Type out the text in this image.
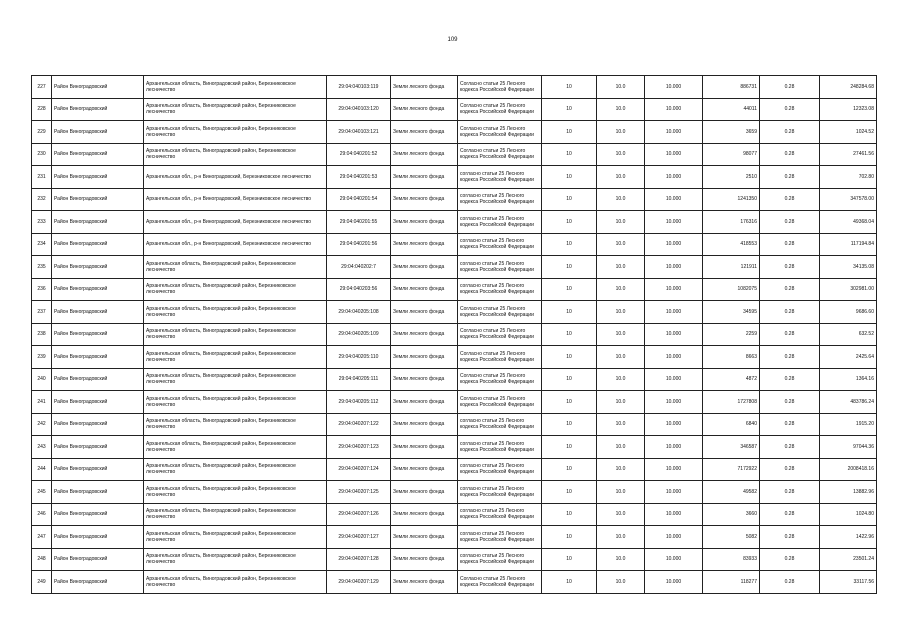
109
227	Район Виноградовский	Архангельская область, Виноградовский район, Березниковское лесничество	29:04:040103:119	Земли лесного фонда	Согласно статьи 25 Лесного кодекса Российской Федерации	10	10.0	10.000	886731	0.28	248284.68
228	Район Виноградовский	Архангельская область, Виноградовский район, Березниковское лесничество	29:04:040103:120	Земли лесного фонда	Согласно статьи 25 Лесного кодекса Российской Федерации	10	10.0	10.000	44011	0.28	12323.08
229	Район Виноградовский	Архангельская область, Виноградовский район, Березниковское лесничество	29:04:040103:121	Земли лесного фонда	Согласно статьи 25 Лесного кодекса Российской Федерации	10	10.0	10.000	3659	0.28	1024.52
230	Район Виноградовский	Архангельская область, Виноградовский район, Березниковское лесничество	29:04:040201:52	Земли лесного фонда	Согласно статьи 25 Лесного кодекса Российской Федерации	10	10.0	10.000	98077	0.28	27461.56
231	Район Виноградовский	Архангельская обл., р-н Виноградовский, Березниковское лесничество	29:04:040201:53	Земли лесного фонда	согласно статьи 25 Лесного кодекса Российской Федерации	10	10.0	10.000	2510	0.28	702.80
232	Район Виноградовский	Архангельская обл., р-н Виноградовский, Березниковское лесничество	29:04:040201:54	Земли лесного фонда	согласно статьи 25 Лесного кодекса Российской Федерации	10	10.0	10.000	1241350	0.28	347578.00
233	Район Виноградовский	Архангельская обл., р-н Виноградовский, Березниковское лесничество	29:04:040201:55	Земли лесного фонда	согласно статьи 25 Лесного кодекса Российской Федерации	10	10.0	10.000	176316	0.28	49368.04
234	Район Виноградовский	Архангельская обл., р-н Виноградовский, Березниковское лесничество	29:04:040201:56	Земли лесного фонда	согласно статьи 25 Лесного кодекса Российской Федерации	10	10.0	10.000	418553	0.28	117194.84
235	Район Виноградовский	Архангельская область, Виноградовский район, Березниковское лесничество	29:04:040202:7	Земли лесного фонда	согласно статьи 25 Лесного кодекса Российской Федерации	10	10.0	10.000	121911	0.28	34135.08
236	Район Виноградовский	Архангельская область, Виноградовский район, Березниковское лесничество	29:04:040203:56	Земли лесного фонда	согласно статьи 25 Лесного кодекса Российской Федерации	10	10.0	10.000	1082075	0.28	302981.00
237	Район Виноградовский	Архангельская область, Виноградовский район, Березниковское лесничество	29:04:040205:108	Земли лесного фонда	Согласно статьи 25 Лесного кодекса Российской Федерации	10	10.0	10.000	34595	0.28	9686.60
238	Район Виноградовский	Архангельская область, Виноградовский район, Березниковское лесничество	29:04:040205:109	Земли лесного фонда	Согласно статьи 25 Лесного кодекса Российской Федерации	10	10.0	10.000	2259	0.28	632.52
239	Район Виноградовский	Архангельская область, Виноградовский район, Березниковское лесничество	29:04:040205:110	Земли лесного фонда	Согласно статьи 25 Лесного кодекса Российской Федерации	10	10.0	10.000	8663	0.28	2425.64
240	Район Виноградовский	Архангельская область, Виноградовский район, Березниковское лесничество	29:04:040205:111	Земли лесного фонда	Согласно статьи 25 Лесного кодекса Российской Федерации	10	10.0	10.000	4872	0.28	1364.16
241	Район Виноградовский	Архангельская область, Виноградовский район, Березниковское лесничество	29:04:040205:112	Земли лесного фонда	Согласно статьи 25 Лесного кодекса Российской Федерации	10	10.0	10.000	1727808	0.28	483786.24
242	Район Виноградовский	Архангельская область, Виноградовский район, Березниковское лесничество	29:04:040207:122	Земли лесного фонда	согласно статьи 25 Лесного кодекса Российской Федерации	10	10.0	10.000	6840	0.28	1915.20
243	Район Виноградовский	Архангельская область, Виноградовский район, Березниковское лесничество	29:04:040207:123	Земли лесного фонда	согласно статьи 25 Лесного кодекса Российской Федерации	10	10.0	10.000	346587	0.28	97044.36
244	Район Виноградовский	Архангельская область, Виноградовский район, Березниковское лесничество	29:04:040207:124	Земли лесного фонда	согласно статьи 25 Лесного кодекса Российской Федерации	10	10.0	10.000	7172922	0.28	2008418.16
245	Район Виноградовский	Архангельская область, Виноградовский район, Березниковское лесничество	29:04:040207:125	Земли лесного фонда	согласно статьи 25 Лесного кодекса Российской Федерации	10	10.0	10.000	49582	0.28	13882.96
246	Район Виноградовский	Архангельская область, Виноградовский район, Березниковское лесничество	29:04:040207:126	Земли лесного фонда	согласно статьи 25 Лесного кодекса Российской Федерации	10	10.0	10.000	3660	0.28	1024.80
247	Район Виноградовский	Архангельская область, Виноградовский район, Березниковское лесничество	29:04:040207:127	Земли лесного фонда	согласно статьи 25 Лесного кодекса Российской Федерации	10	10.0	10.000	5082	0.28	1422.96
248	Район Виноградовский	Архангельская область, Виноградовский район, Березниковское лесничество	29:04:040207:128	Земли лесного фонда	согласно статьи 25 Лесного кодекса Российской Федерации	10	10.0	10.000	83933	0.28	23501.24
249	Район Виноградовский	Архангельская область, Виноградовский район, Березниковское лесничество	29:04:040207:129	Земли лесного фонда	Согласно статьи 25 Лесного кодекса Российской Федерации	10	10.0	10.000	118277	0.28	33117.56
